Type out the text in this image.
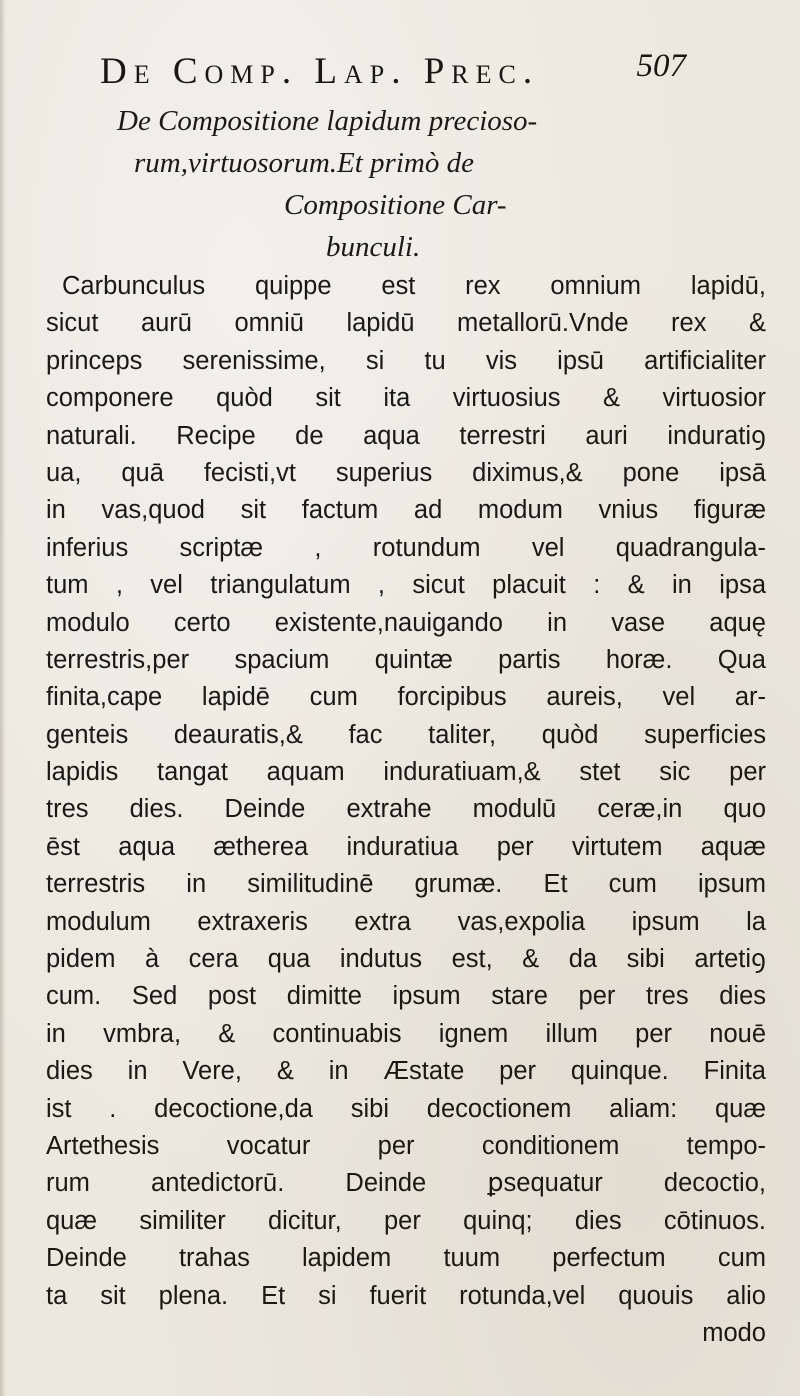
De Comp. Lap. Prec.	507
De Compositione lapidum precioso-
rum,virtuosorum.Et primò de
Compositione Car-
bunculi.
Carbunculus quippe est rex omnium lapidū,
sicut aurū omniū lapidū metallorū.Vnde rex &
princeps serenissime, si tu vis ipsū artificialiter
componere quòd sit ita virtuosius & virtuosior
naturali. Recipe de aqua terrestri auri induratiꝯ
ua, quā fecisti,vt superius diximus,& pone ipsā
in vas,quod sit factum ad modum vnius figuræ
inferius scriptæ , rotundum vel quadrangula-
tum , vel triangulatum , sicut placuit : & in ipsa
modulo certo existente,nauigando in vase aquę
terrestris,per spacium quintæ partis horæ. Qua
finita,cape lapidē cum forcipibus aureis, vel ar-
genteis deauratis,& fac taliter, quòd superficies
lapidis tangat aquam induratiuam,& stet sic per
tres dies. Deinde extrahe modulū ceræ,in quo
ēst aqua ætherea induratiua per virtutem aquæ
terrestris in similitudinē grumæ. Et cum ipsum
modulum extraxeris extra vas,expolia ipsum la
pidem à cera qua indutus est, & da sibi artetiꝯ
cum. Sed post dimitte ipsum stare per tres dies
in vmbra, & continuabis ignem illum per nouē
dies in Vere, & in Æstate per quinque. Finita
ist . decoctione,da sibi decoctionem aliam: quæ
Artethesis vocatur per conditionem tempo-
rum antedictorū. Deinde ꝑsequatur decoctio,
quæ similiter dicitur, per quinq; dies cōtinuos.
Deinde trahas lapidem tuum perfectum cum
ta sit plena. Et si fuerit rotunda,vel quouis alio
modo
